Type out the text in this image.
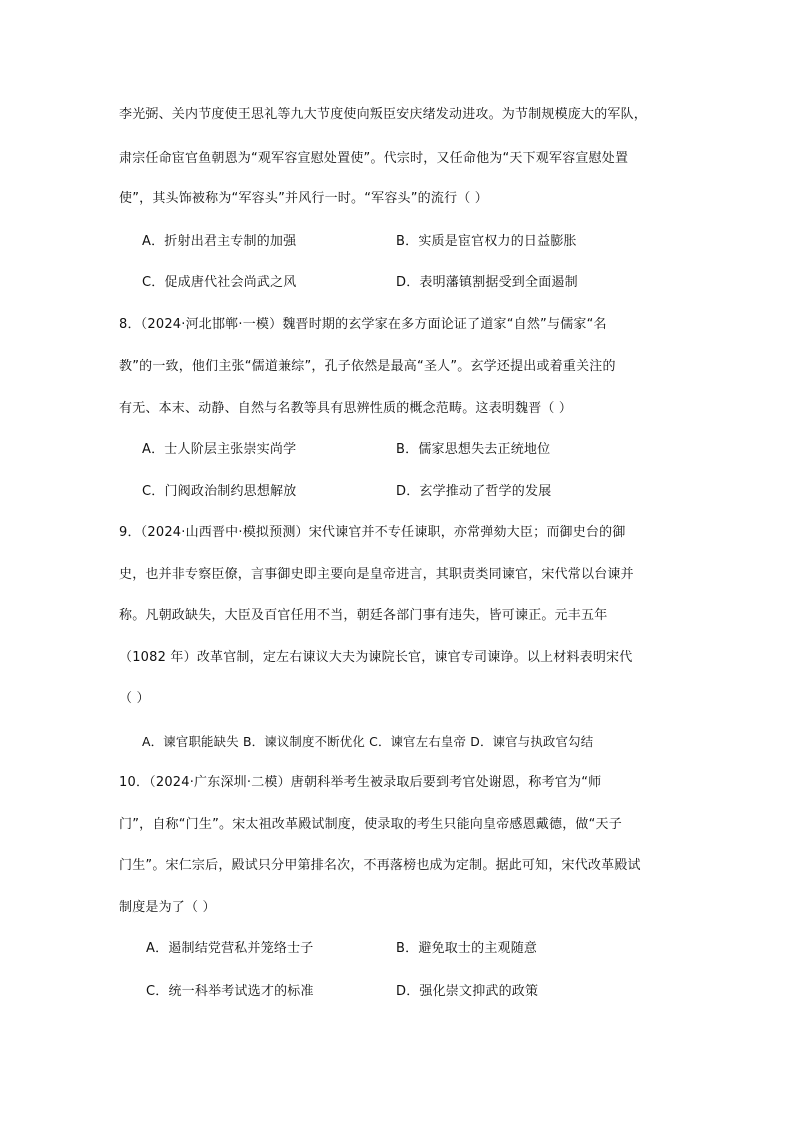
李光弼、关内节度使王思礼等九大节度使向叛臣安庆绪发动进攻。为节制规模庞大的军队，
肃宗任命宦官鱼朝恩为“观军容宣慰处置使”。代宗时，又任命他为“天下观军容宣慰处置
使”，其头饰被称为“军容头”并风行一时。“军容头”的流行（ ）
A．折射出君主专制的加强	B．实质是宦官权力的日益膨胀
C．促成唐代社会尚武之风	D．表明藩镇割据受到全面遏制
8．（2024·河北邯郸·一模）魏晋时期的玄学家在多方面论证了道家“自然”与儒家“名
教”的一致，他们主张“儒道兼综”，孔子依然是最高“圣人”。玄学还提出或着重关注的
有无、本末、动静、自然与名教等具有思辨性质的概念范畴。这表明魏晋（ ）
A．士人阶层主张崇实尚学	B．儒家思想失去正统地位
C．门阀政治制约思想解放	D．玄学推动了哲学的发展
9．（2024·山西晋中·模拟预测）宋代谏官并不专任谏职，亦常弹劾大臣；而御史台的御
史，也并非专察臣僚，言事御史即主要向是皇帝进言，其职责类同谏官，宋代常以台谏并
称。凡朝政缺失，大臣及百官任用不当，朝廷各部门事有违失，皆可谏正。元丰五年
（1082 年）改革官制，定左右谏议大夫为谏院长官，谏官专司谏诤。以上材料表明宋代
（ ）
A．谏官职能缺失 B．谏议制度不断优化 C．谏官左右皇帝 D．谏官与执政官勾结
10．（2024·广东深圳·二模）唐朝科举考生被录取后要到考官处谢恩，称考官为“师
门”，自称“门生”。宋太祖改革殿试制度，使录取的考生只能向皇帝感恩戴德，做“天子
门生”。宋仁宗后，殿试只分甲第排名次，不再落榜也成为定制。据此可知，宋代改革殿试
制度是为了（ ）
A．遏制结党营私并笼络士子	B．避免取士的主观随意
C．统一科举考试选才的标准	D．强化崇文抑武的政策
